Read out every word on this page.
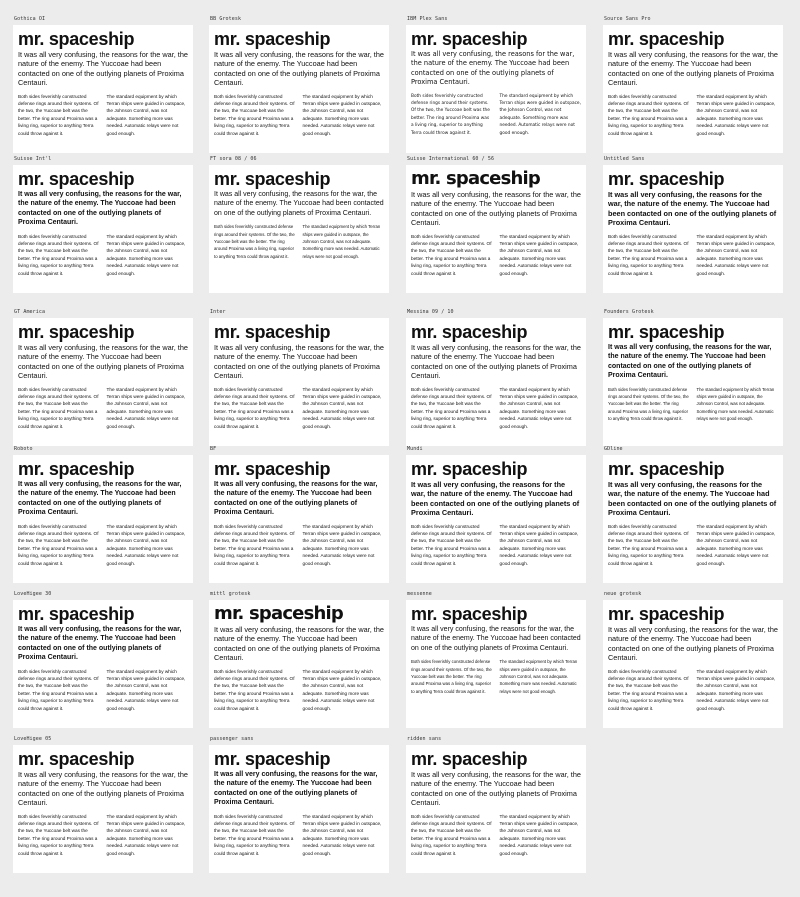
Gothica OI

mr. spaceship

It was all very confusing, the reasons for the war, the nature of the enemy. The Yuccoae had been contacted on one of the outlying planets of Proxima Centauri.

Both sides feverishly constructed defense rings around their systems. Of the two, the Yuccoae belt was the better. The ring around Proxima was a living ring, superior to anything Terra could throw against it.

The standard equipment by which Terran ships were guided in outspace, the Johnson Control, was not adequate. Something more was needed. Automatic relays were not good enough.

BB Grotesk

mr. spaceship

It was all very confusing, the reasons for the war, the nature of the enemy. The Yuccoae had been contacted on one of the outlying planets of Proxima Centauri.

Both sides feverishly constructed defense rings around their systems. Of the two, the Yuccoae belt was the better. The ring around Proxima was a living ring, superior to anything Terra could throw against it.

The standard equipment by which Terran ships were guided in outspace, the Johnson Control, was not adequate. Something more was needed. Automatic relays were not good enough.

IBM Plex Sans

mr. spaceship

It was all very confusing, the reasons for the war, the nature of the enemy. The Yuccoae had been contacted on one of the outlying planets of Proxima Centauri.

Both sides feverishly constructed defense rings around their systems. Of the two, the Yuccoae belt was the better. The ring around Proxima was a living ring, superior to anything Terra could throw against it.

The standard equipment by which Terran ships were guided in outspace, the Johnson Control, was not adequate. Something more was needed. Automatic relays were not good enough.

Source Sans Pro

mr. spaceship

It was all very confusing, the reasons for the war, the nature of the enemy. The Yuccoae had been contacted on one of the outlying planets of Proxima Centauri.

Both sides feverishly constructed defense rings around their systems. Of the two, the Yuccoae belt was the better. The ring around Proxima was a living ring, superior to anything Terra could throw against it.

The standard equipment by which Terran ships were guided in outspace, the Johnson Control, was not adequate. Something more was needed. Automatic relays were not good enough.

Suisse Int'l

mr. spaceship

It was all very confusing, the reasons for the war, the nature of the enemy. The Yuccoae had been contacted on one of the outlying planets of Proxima Centauri.

Both sides feverishly constructed defense rings around their systems. Of the two, the Yuccoae belt was the better. The ring around Proxima was a living ring, superior to anything Terra could throw against it.

The standard equipment by which Terran ships were guided in outspace, the Johnson Control, was not adequate. Something more was needed. Automatic relays were not good enough.

FT sora 08 / 06

mr. spaceship

It was all very confusing, the reasons for the war, the nature of the enemy. The Yuccoae had been contacted on one of the outlying planets of Proxima Centauri.

Both sides feverishly constructed defense rings around their systems. Of the two, the Yuccoae belt was the better. The ring around Proxima was a living ring, superior to anything Terra could throw against it.

The standard equipment by which Terran ships were guided in outspace, the Johnson Control, was not adequate. Something more was needed. Automatic relays were not good enough.

Suisse International 60 / 56

mr. spaceship

It was all very confusing, the reasons for the war, the nature of the enemy. The Yuccoae had been contacted on one of the outlying planets of Proxima Centauri.

Both sides feverishly constructed defense rings around their systems. Of the two, the Yuccoae belt was the better. The ring around Proxima was a living ring, superior to anything Terra could throw against it.

The standard equipment by which Terran ships were guided in outspace, the Johnson Control, was not adequate. Something more was needed. Automatic relays were not good enough.

Untitled Sans

mr. spaceship

It was all very confusing, the reasons for the war, the nature of the enemy. The Yuccoae had been contacted on one of the outlying planets of Proxima Centauri.

Both sides feverishly constructed defense rings around their systems. Of the two, the Yuccoae belt was the better. The ring around Proxima was a living ring, superior to anything Terra could throw against it.

The standard equipment by which Terran ships were guided in outspace, the Johnson Control, was not adequate. Something more was needed. Automatic relays were not good enough.

GT America

mr. spaceship

It was all very confusing, the reasons for the war, the nature of the enemy. The Yuccoae had been contacted on one of the outlying planets of Proxima Centauri.

Both sides feverishly constructed defense rings around their systems. Of the two, the Yuccoae belt was the better. The ring around Proxima was a living ring, superior to anything Terra could throw against it.

The standard equipment by which Terran ships were guided in outspace, the Johnson Control, was not adequate. Something more was needed. Automatic relays were not good enough.

Inter

mr. spaceship

It was all very confusing, the reasons for the war, the nature of the enemy. The Yuccoae had been contacted on one of the outlying planets of Proxima Centauri.

Both sides feverishly constructed defense rings around their systems. Of the two, the Yuccoae belt was the better. The ring around Proxima was a living ring, superior to anything Terra could throw against it.

The standard equipment by which Terran ships were guided in outspace, the Johnson Control, was not adequate. Something more was needed. Automatic relays were not good enough.

Messina 09 / 10

mr. spaceship

It was all very confusing, the reasons for the war, the nature of the enemy. The Yuccoae had been contacted on one of the outlying planets of Proxima Centauri.

Both sides feverishly constructed defense rings around their systems. Of the two, the Yuccoae belt was the better. The ring around Proxima was a living ring, superior to anything Terra could throw against it.

The standard equipment by which Terran ships were guided in outspace, the Johnson Control, was not adequate. Something more was needed. Automatic relays were not good enough.

Founders Grotesk

mr. spaceship

It was all very confusing, the reasons for the war, the nature of the enemy. The Yuccoae had been contacted on one of the outlying planets of Proxima Centauri.

Both sides feverishly constructed defense rings around their systems. Of the two, the Yuccoae belt was the better. The ring around Proxima was a living ring, superior to anything Terra could throw against it.

The standard equipment by which Terran ships were guided in outspace, the Johnson Control, was not adequate. Something more was needed. Automatic relays were not good enough.

Roboto

mr. spaceship

It was all very confusing, the reasons for the war, the nature of the enemy. The Yuccoae had been contacted on one of the outlying planets of Proxima Centauri.

Both sides feverishly constructed defense rings around their systems. Of the two, the Yuccoae belt was the better. The ring around Proxima was a living ring, superior to anything Terra could throw against it.

The standard equipment by which Terran ships were guided in outspace, the Johnson Control, was not adequate. Something more was needed. Automatic relays were not good enough.

BF

mr. spaceship

It was all very confusing, the reasons for the war, the nature of the enemy. The Yuccoae had been contacted on one of the outlying planets of Proxima Centauri.

Both sides feverishly constructed defense rings around their systems. Of the two, the Yuccoae belt was the better. The ring around Proxima was a living ring, superior to anything Terra could throw against it.

The standard equipment by which Terran ships were guided in outspace, the Johnson Control, was not adequate. Something more was needed. Automatic relays were not good enough.

Mundi

mr. spaceship

It was all very confusing, the reasons for the war, the nature of the enemy. The Yuccoae had been contacted on one of the outlying planets of Proxima Centauri.

Both sides feverishly constructed defense rings around their systems. Of the two, the Yuccoae belt was the better. The ring around Proxima was a living ring, superior to anything Terra could throw against it.

The standard equipment by which Terran ships were guided in outspace, the Johnson Control, was not adequate. Something more was needed. Automatic relays were not good enough.

GDline

mr. spaceship

It was all very confusing, the reasons for the war, the nature of the enemy. The Yuccoae had been contacted on one of the outlying planets of Proxima Centauri.

Both sides feverishly constructed defense rings around their systems. Of the two, the Yuccoae belt was the better. The ring around Proxima was a living ring, superior to anything Terra could throw against it.

The standard equipment by which Terran ships were guided in outspace, the Johnson Control, was not adequate. Something more was needed. Automatic relays were not good enough.

LoveHigee 30

mr. spaceship

It was all very confusing, the reasons for the war, the nature of the enemy. The Yuccoae had been contacted on one of the outlying planets of Proxima Centauri.

Both sides feverishly constructed defense rings around their systems. Of the two, the Yuccoae belt was the better. The ring around Proxima was a living ring, superior to anything Terra could throw against it.

The standard equipment by which Terran ships were guided in outspace, the Johnson Control, was not adequate. Something more was needed. Automatic relays were not good enough.

mittl grotesk

mr. spaceship

It was all very confusing, the reasons for the war, the nature of the enemy. The Yuccoae had been contacted on one of the outlying planets of Proxima Centauri.

Both sides feverishly constructed defense rings around their systems. Of the two, the Yuccoae belt was the better. The ring around Proxima was a living ring, superior to anything Terra could throw against it.

The standard equipment by which Terran ships were guided in outspace, the Johnson Control, was not adequate. Something more was needed. Automatic relays were not good enough.

messenne

mr. spaceship

It was all very confusing, the reasons for the war, the nature of the enemy. The Yuccoae had been contacted on one of the outlying planets of Proxima Centauri.

Both sides feverishly constructed defense rings around their systems. Of the two, the Yuccoae belt was the better. The ring around Proxima was a living ring, superior to anything Terra could throw against it.

The standard equipment by which Terran ships were guided in outspace, the Johnson Control, was not adequate. Something more was needed. Automatic relays were not good enough.

neue grotesk

mr. spaceship

It was all very confusing, the reasons for the war, the nature of the enemy. The Yuccoae had been contacted on one of the outlying planets of Proxima Centauri.

Both sides feverishly constructed defense rings around their systems. Of the two, the Yuccoae belt was the better. The ring around Proxima was a living ring, superior to anything Terra could throw against it.

The standard equipment by which Terran ships were guided in outspace, the Johnson Control, was not adequate. Something more was needed. Automatic relays were not good enough.

LoveHigee 05

mr. spaceship

It was all very confusing, the reasons for the war, the nature of the enemy. The Yuccoae had been contacted on one of the outlying planets of Proxima Centauri.

Both sides feverishly constructed defense rings around their systems. Of the two, the Yuccoae belt was the better. The ring around Proxima was a living ring, superior to anything Terra could throw against it.

The standard equipment by which Terran ships were guided in outspace, the Johnson Control, was not adequate. Something more was needed. Automatic relays were not good enough.

passenger sans

mr. spaceship

It was all very confusing, the reasons for the war, the nature of the enemy. The Yuccoae had been contacted on one of the outlying planets of Proxima Centauri.

Both sides feverishly constructed defense rings around their systems. Of the two, the Yuccoae belt was the better. The ring around Proxima was a living ring, superior to anything Terra could throw against it.

The standard equipment by which Terran ships were guided in outspace, the Johnson Control, was not adequate. Something more was needed. Automatic relays were not good enough.

ridden sans

mr. spaceship

It was all very confusing, the reasons for the war, the nature of the enemy. The Yuccoae had been contacted on one of the outlying planets of Proxima Centauri.

Both sides feverishly constructed defense rings around their systems. Of the two, the Yuccoae belt was the better. The ring around Proxima was a living ring, superior to anything Terra could throw against it.

The standard equipment by which Terran ships were guided in outspace, the Johnson Control, was not adequate. Something more was needed. Automatic relays were not good enough.
